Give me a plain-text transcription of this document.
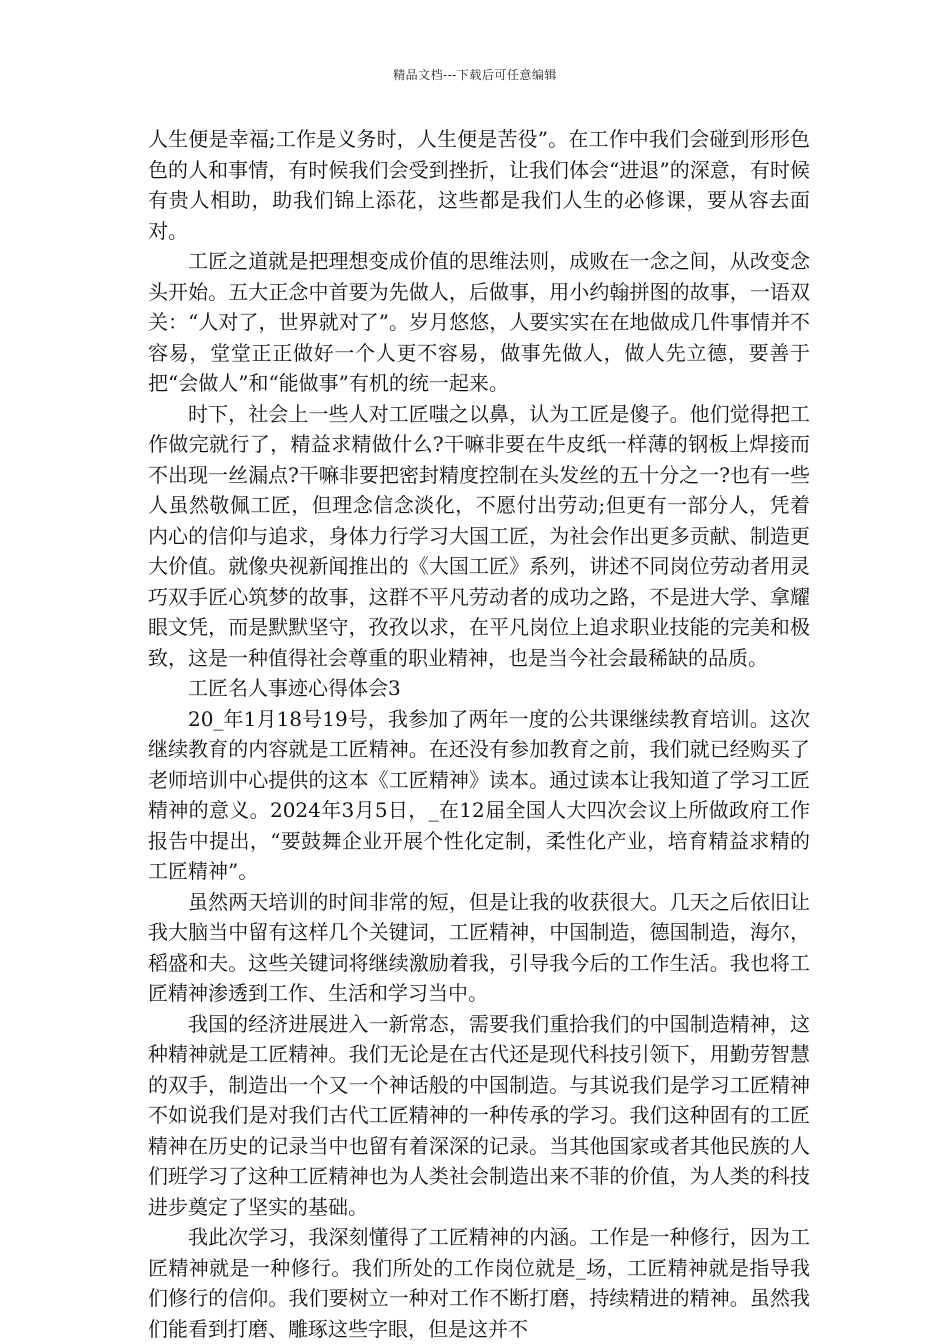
精品文档---下载后可任意编辑

人生便是幸福;工作是义务时，人生便是苦役”。在工作中我们会碰到形形色色的人和事情，有时候我们会受到挫折，让我们体会“进退”的深意，有时候有贵人相助，助我们锦上添花，这些都是我们人生的必修课，要从容去面对。

工匠之道就是把理想变成价值的思维法则，成败在一念之间，从改变念头开始。五大正念中首要为先做人，后做事，用小约翰拼图的故事，一语双关：“人对了，世界就对了”。岁月悠悠，人要实实在在地做成几件事情并不容易，堂堂正正做好一个人更不容易，做事先做人，做人先立德，要善于把“会做人”和“能做事”有机的统一起来。

时下，社会上一些人对工匠嗤之以鼻，认为工匠是傻子。他们觉得把工作做完就行了，精益求精做什么?干嘛非要在牛皮纸一样薄的钢板上焊接而不出现一丝漏点?干嘛非要把密封精度控制在头发丝的五十分之一?也有一些人虽然敬佩工匠，但理念信念淡化，不愿付出劳动;但更有一部分人，凭着内心的信仰与追求，身体力行学习大国工匠，为社会作出更多贡献、制造更大价值。就像央视新闻推出的《大国工匠》系列，讲述不同岗位劳动者用灵巧双手匠心筑梦的故事，这群不平凡劳动者的成功之路，不是进大学、拿耀眼文凭，而是默默坚守，孜孜以求，在平凡岗位上追求职业技能的完美和极致，这是一种值得社会尊重的职业精神，也是当今社会最稀缺的品质。

工匠名人事迹心得体会3

20_年1月18号19号，我参加了两年一度的公共课继续教育培训。这次继续教育的内容就是工匠精神。在还没有参加教育之前，我们就已经购买了老师培训中心提供的这本《工匠精神》读本。通过读本让我知道了学习工匠精神的意义。2024年3月5日，_在12届全国人大四次会议上所做政府工作报告中提出，“要鼓舞企业开展个性化定制，柔性化产业，培育精益求精的工匠精神”。

虽然两天培训的时间非常的短，但是让我的收获很大。几天之后依旧让我大脑当中留有这样几个关键词，工匠精神，中国制造，德国制造，海尔，稻盛和夫。这些关键词将继续激励着我，引导我今后的工作生活。我也将工匠精神渗透到工作、生活和学习当中。

我国的经济进展进入一新常态，需要我们重拾我们的中国制造精神，这种精神就是工匠精神。我们无论是在古代还是现代科技引领下，用勤劳智慧的双手，制造出一个又一个神话般的中国制造。与其说我们是学习工匠精神不如说我们是对我们古代工匠精神的一种传承的学习。我们这种固有的工匠精神在历史的记录当中也留有着深深的记录。当其他国家或者其他民族的人们班学习了这种工匠精神也为人类社会制造出来不菲的价值，为人类的科技进步奠定了坚实的基础。

我此次学习，我深刻懂得了工匠精神的内涵。工作是一种修行，因为工匠精神就是一种修行。我们所处的工作岗位就是_场，工匠精神就是指导我们修行的信仰。我们要树立一种对工作不断打磨，持续精进的精神。虽然我们能看到打磨、雕琢这些字眼，但是这并不
